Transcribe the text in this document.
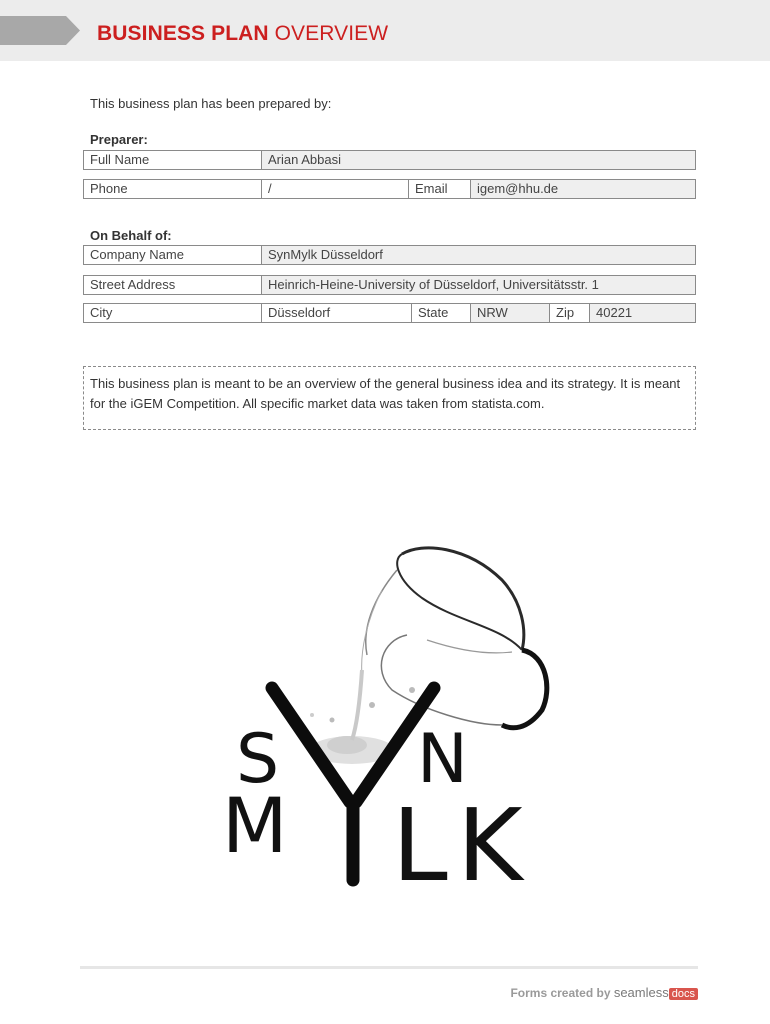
BUSINESS PLAN OVERVIEW
This business plan has been prepared by:
Preparer:
Full Name	Arian Abbasi
Phone	/	Email	igem@hhu.de
On Behalf of:
Company Name	SynMylk Düsseldorf
Street Address	Heinrich-Heine-University of Düsseldorf, Universitätsstr. 1
City	Düsseldorf	State	NRW	Zip	40221
This business plan is meant to be an overview of the general business idea and its strategy. It is meant for the iGEM Competition. All specific market data was taken from statista.com.
S N
M L K
Forms created by seamless docs
